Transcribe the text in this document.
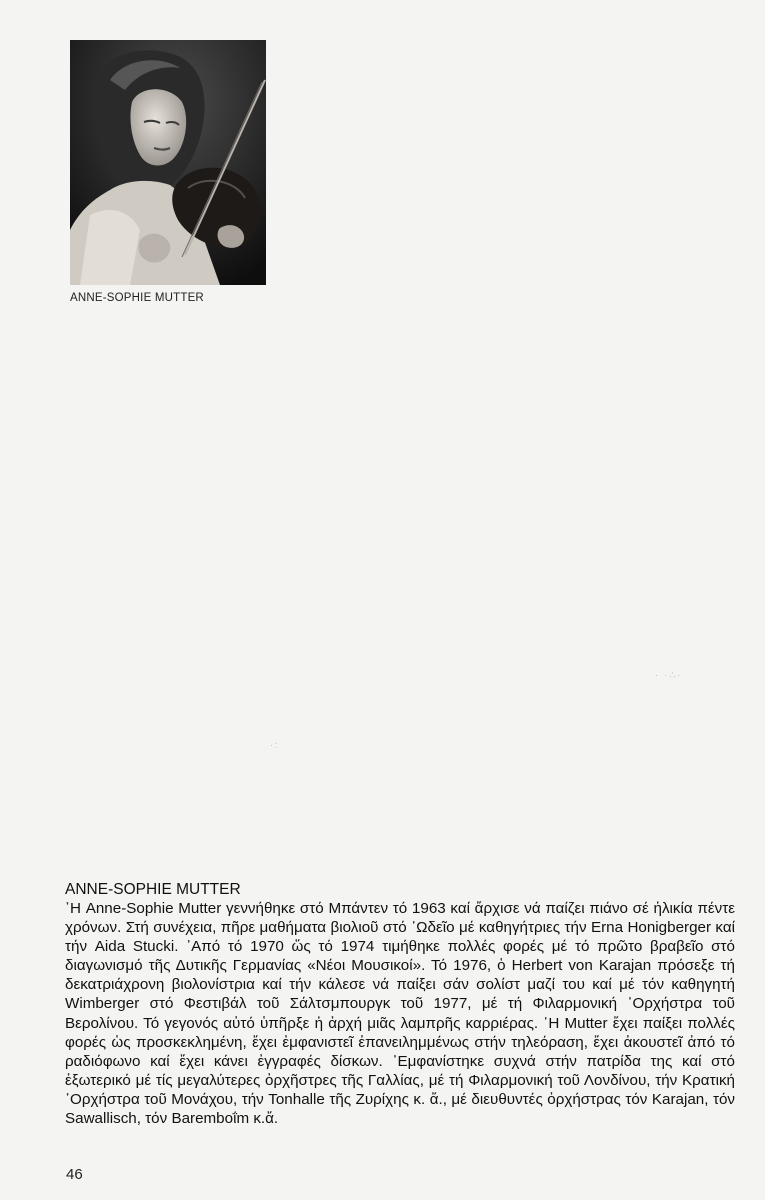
ANNE-SOPHIE MUTTER
· ·∴·
·:
ANNE-SOPHIE MUTTER
῾Η Anne-Sophie Mutter γεννήθηκε στό Μπάντεν τό 1963 καί ἄρχισε νά παίζει πιάνο σέ ἡλικία πέντε χρόνων. Στή συνέχεια, πῆρε μαθήματα βιολιοῦ στό ᾿Ωδεῖο μέ καθηγήτριες τήν Erna Honigberger καί τήν Aida Stucki. ᾿Από τό 1970 ὥς τό 1974 τιμήθηκε πολλές φορές μέ τό πρῶτο βραβεῖο στό διαγωνισμό τῆς Δυτικῆς Γερμανίας «Νέοι Μουσικοί». Τό 1976, ὁ Herbert von Karajan πρόσεξε τή δεκατριάχρονη βιολονίστρια καί τήν κάλεσε νά παίξει σάν σολίστ μαζί του καί μέ τόν καθηγητή Wimberger στό Φεστιβάλ τοῦ Σάλτσμπουργκ τοῦ 1977, μέ τή Φιλαρμονική ᾿Ορχήστρα τοῦ Βερολίνου. Τό γεγονός αὐτό ὑπῆρξε ἡ ἀρχή μιᾶς λαμπρῆς καρριέρας. ῾Η Mutter ἔχει παίξει πολλές φορές ὡς προσκεκλημένη, ἔχει ἐμφανιστεῖ ἐπανειλημμένως στήν τηλεόραση, ἔχει ἀκουστεῖ ἀπό τό ραδιόφωνο καί ἔχει κάνει ἐγγραφές δίσκων. ᾿Εμφανίστηκε συχνά στήν πατρίδα της καί στό ἐξωτερικό μέ τίς μεγαλύτερες ὀρχῆστρες τῆς Γαλλίας, μέ τή Φιλαρμονική τοῦ Λονδίνου, τήν Κρατική ᾿Ορχήστρα τοῦ Μονάχου, τήν Tonhalle τῆς Ζυρίχης κ. ἄ., μέ διευθυντές ὀρχήστρας τόν Karajan, τόν Sawallisch, τόν Barembοΐm κ.ἄ.
46
